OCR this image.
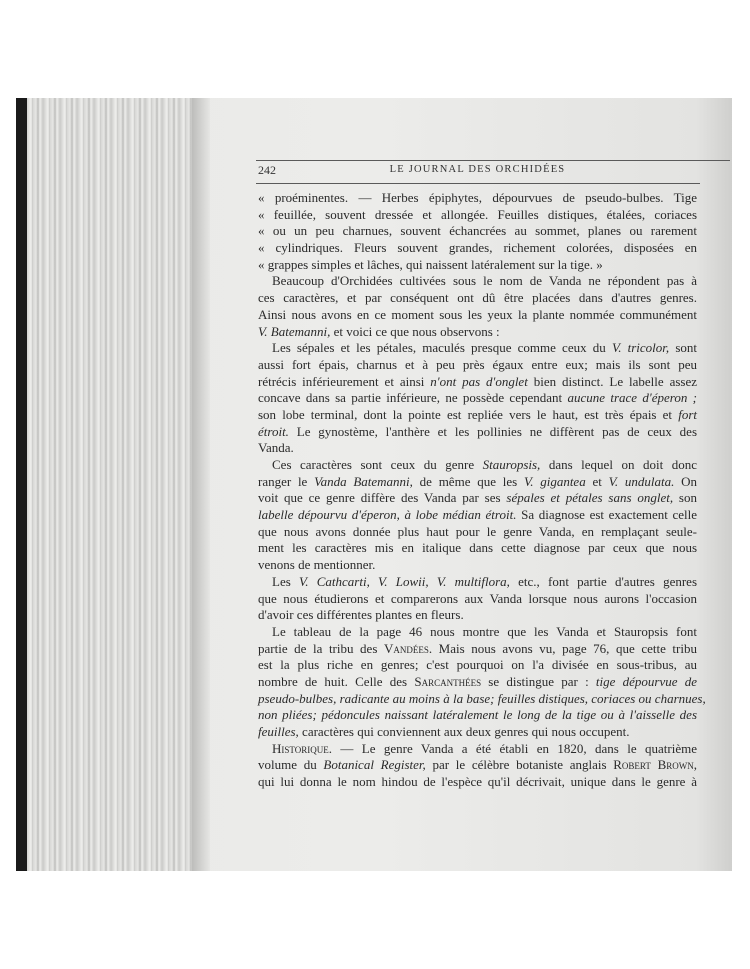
242	LE JOURNAL DES ORCHIDÉES
« proéminentes. — Herbes épiphytes, dépourvues de pseudo-bulbes. Tige
« feuillée, souvent dressée et allongée. Feuilles distiques, étalées, coriaces
« ou un peu charnues, souvent échancrées au sommet, planes ou rarement
« cylindriques. Fleurs souvent grandes, richement colorées, disposées en
« grappes simples et lâches, qui naissent latéralement sur la tige. »
Beaucoup d'Orchidées cultivées sous le nom de Vanda ne répondent pas à
ces caractères, et par conséquent ont dû être placées dans d'autres genres.
Ainsi nous avons en ce moment sous les yeux la plante nommée communément
V. Batemanni, et voici ce que nous observons :
Les sépales et les pétales, maculés presque comme ceux du V. tricolor, sont
aussi fort épais, charnus et à peu près égaux entre eux; mais ils sont peu
rétrécis inférieurement et ainsi n'ont pas d'onglet bien distinct. Le labelle assez
concave dans sa partie inférieure, ne possède cependant aucune trace d'éperon ;
son lobe terminal, dont la pointe est repliée vers le haut, est très épais et fort
étroit. Le gynostème, l'anthère et les pollinies ne diffèrent pas de ceux des
Vanda.
Ces caractères sont ceux du genre Stauropsis, dans lequel on doit donc
ranger le Vanda Batemanni, de même que les V. gigantea et V. undulata. On
voit que ce genre diffère des Vanda par ses sépales et pétales sans onglet, son
labelle dépourvu d'éperon, à lobe médian étroit. Sa diagnose est exactement celle
que nous avons donnée plus haut pour le genre Vanda, en remplaçant seule-
ment les caractères mis en italique dans cette diagnose par ceux que nous
venons de mentionner.
Les V. Cathcarti, V. Lowii, V. multiflora, etc., font partie d'autres genres
que nous étudierons et comparerons aux Vanda lorsque nous aurons l'occasion
d'avoir ces différentes plantes en fleurs.
Le tableau de la page 46 nous montre que les Vanda et Stauropsis font
partie de la tribu des Vandées. Mais nous avons vu, page 76, que cette tribu
est la plus riche en genres; c'est pourquoi on l'a divisée en sous-tribus, au
nombre de huit. Celle des Sarcanthées se distingue par : tige dépourvue de
pseudo-bulbes, radicante au moins à la base; feuilles distiques, coriaces ou charnues,
non pliées; pédoncules naissant latéralement le long de la tige ou à l'aisselle des
feuilles, caractères qui conviennent aux deux genres qui nous occupent.
Historique. — Le genre Vanda a été établi en 1820, dans le quatrième
volume du Botanical Register, par le célèbre botaniste anglais Robert Brown,
qui lui donna le nom hindou de l'espèce qu'il décrivait, unique dans le genre à
